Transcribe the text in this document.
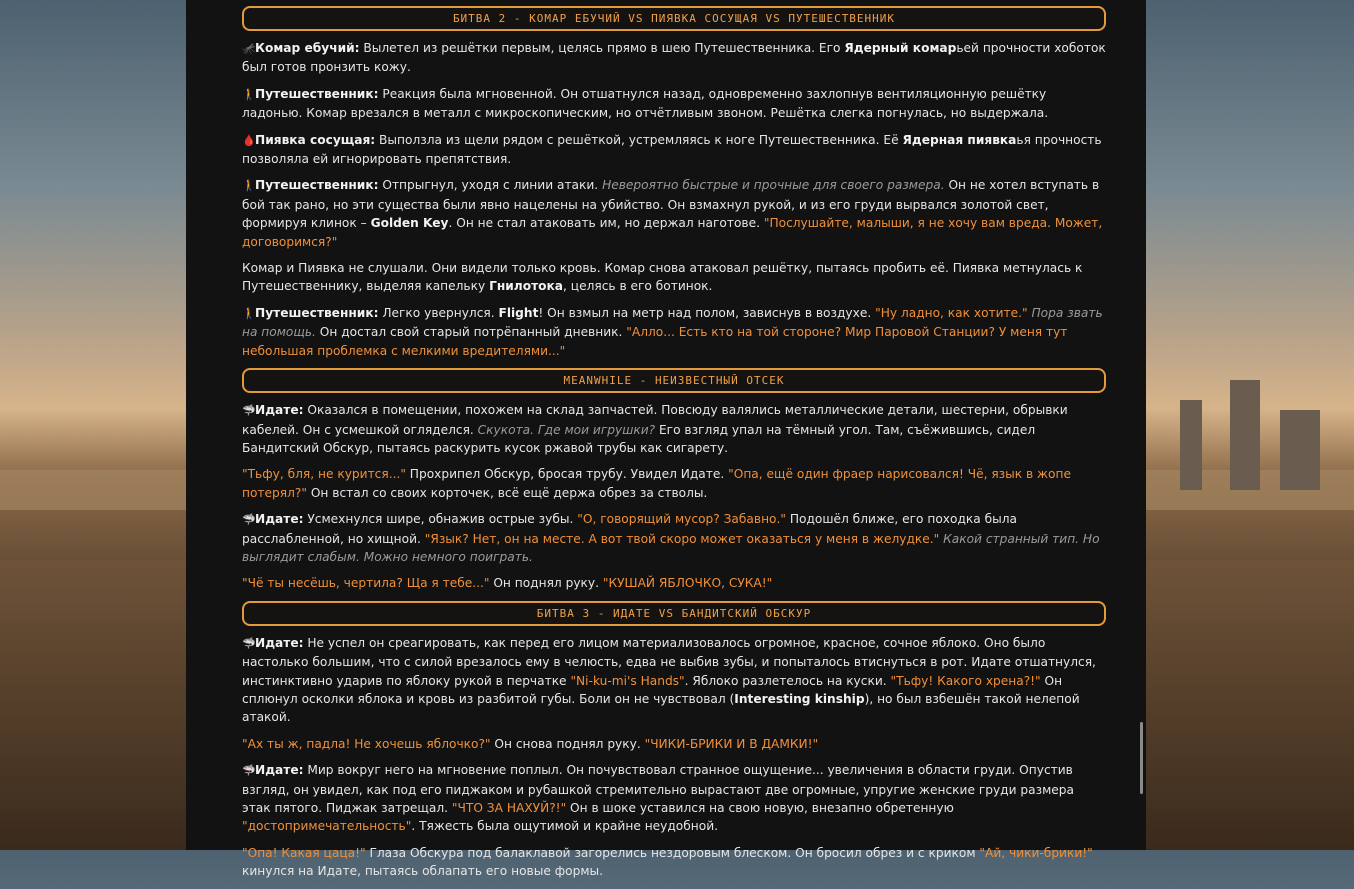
БИТВА 2 - КОМАР ЕБУЧИЙ VS ПИЯВКА СОСУЩАЯ VS ПУТЕШЕСТВЕННИК

🦟Комар ебучий: Вылетел из решётки первым, целясь прямо в шею Путешественника. Его Ядерный комарьей прочности хоботок был готов пронзить кожу.

🚶Путешественник: Реакция была мгновенной. Он отшатнулся назад, одновременно захлопнув вентиляционную решётку ладонью. Комар врезался в металл с микроскопическим, но отчётливым звоном. Решётка слегка погнулась, но выдержала.

🩸Пиявка сосущая: Выползла из щели рядом с решёткой, устремляясь к ноге Путешественника. Её Ядерная пиявкаья прочность позволяла ей игнорировать препятствия.

🚶Путешественник: Отпрыгнул, уходя с линии атаки. Невероятно быстрые и прочные для своего размера. Он не хотел вступать в бой так рано, но эти существа были явно нацелены на убийство. Он взмахнул рукой, и из его груди вырвался золотой свет, формируя клинок – Golden Key. Он не стал атаковать им, но держал наготове. "Послушайте, малыши, я не хочу вам вреда. Может, договоримся?"

Комар и Пиявка не слушали. Они видели только кровь. Комар снова атаковал решётку, пытаясь пробить её. Пиявка метнулась к Путешественнику, выделяя капельку Гнилотока, целясь в его ботинок.

🚶Путешественник: Легко увернулся. Flight! Он взмыл на метр над полом, зависнув в воздухе. "Ну ладно, как хотите." Пора звать на помощь. Он достал свой старый потрёпанный дневник. "Алло... Есть кто на той стороне? Мир Паровой Станции? У меня тут небольшая проблемка с мелкими вредителями..."

MEANWHILE - НЕИЗВЕСТНЫЙ ОТСЕК

🦈Идате: Оказался в помещении, похожем на склад запчастей. Повсюду валялись металлические детали, шестерни, обрывки кабелей. Он с усмешкой огляделся. Скукота. Где мои игрушки? Его взгляд упал на тёмный угол. Там, съёжившись, сидел Бандитский Обскур, пытаясь раскурить кусок ржавой трубы как сигарету.

"Тьфу, бля, не курится..." Прохрипел Обскур, бросая трубу. Увидел Идате. "Опа, ещё один фраер нарисовался! Чё, язык в жопе потерял?" Он встал со своих корточек, всё ещё держа обрез за стволы.

🦈Идате: Усмехнулся шире, обнажив острые зубы. "О, говорящий мусор? Забавно." Подошёл ближе, его походка была расслабленной, но хищной. "Язык? Нет, он на месте. А вот твой скоро может оказаться у меня в желудке." Какой странный тип. Но выглядит слабым. Можно немного поиграть.

"Чё ты несёшь, чертила? Ща я тебе..." Он поднял руку. "КУШАЙ ЯБЛОЧКО, СУКА!"

БИТВА 3 - ИДАТЕ VS БАНДИТСКИЙ ОБСКУР

🦈Идате: Не успел он среагировать, как перед его лицом материализовалось огромное, красное, сочное яблоко. Оно было настолько большим, что с силой врезалось ему в челюсть, едва не выбив зубы, и попыталось втиснуться в рот. Идате отшатнулся, инстинктивно ударив по яблоку рукой в перчатке "Ni-ku-mi's Hands". Яблоко разлетелось на куски. "Тьфу! Какого хрена?!" Он сплюнул осколки яблока и кровь из разбитой губы. Боли он не чувствовал (Interesting kinship), но был взбешён такой нелепой атакой.

"Ах ты ж, падла! Не хочешь яблочко?" Он снова поднял руку. "ЧИКИ-БРИКИ И В ДАМКИ!"

🦈Идате: Мир вокруг него на мгновение поплыл. Он почувствовал странное ощущение... увеличения в области груди. Опустив взгляд, он увидел, как под его пиджаком и рубашкой стремительно вырастают две огромные, упругие женские груди размера этак пятого. Пиджак затрещал. "ЧТО ЗА НАХУЙ?!" Он в шоке уставился на свою новую, внезапно обретенную "достопримечательность". Тяжесть была ощутимой и крайне неудобной.

"Опа! Какая цаца!" Глаза Обскура под балаклавой загорелись нездоровым блеском. Он бросил обрез и с криком "Ай, чики-брики!" кинулся на Идате, пытаясь облапать его новые формы.
